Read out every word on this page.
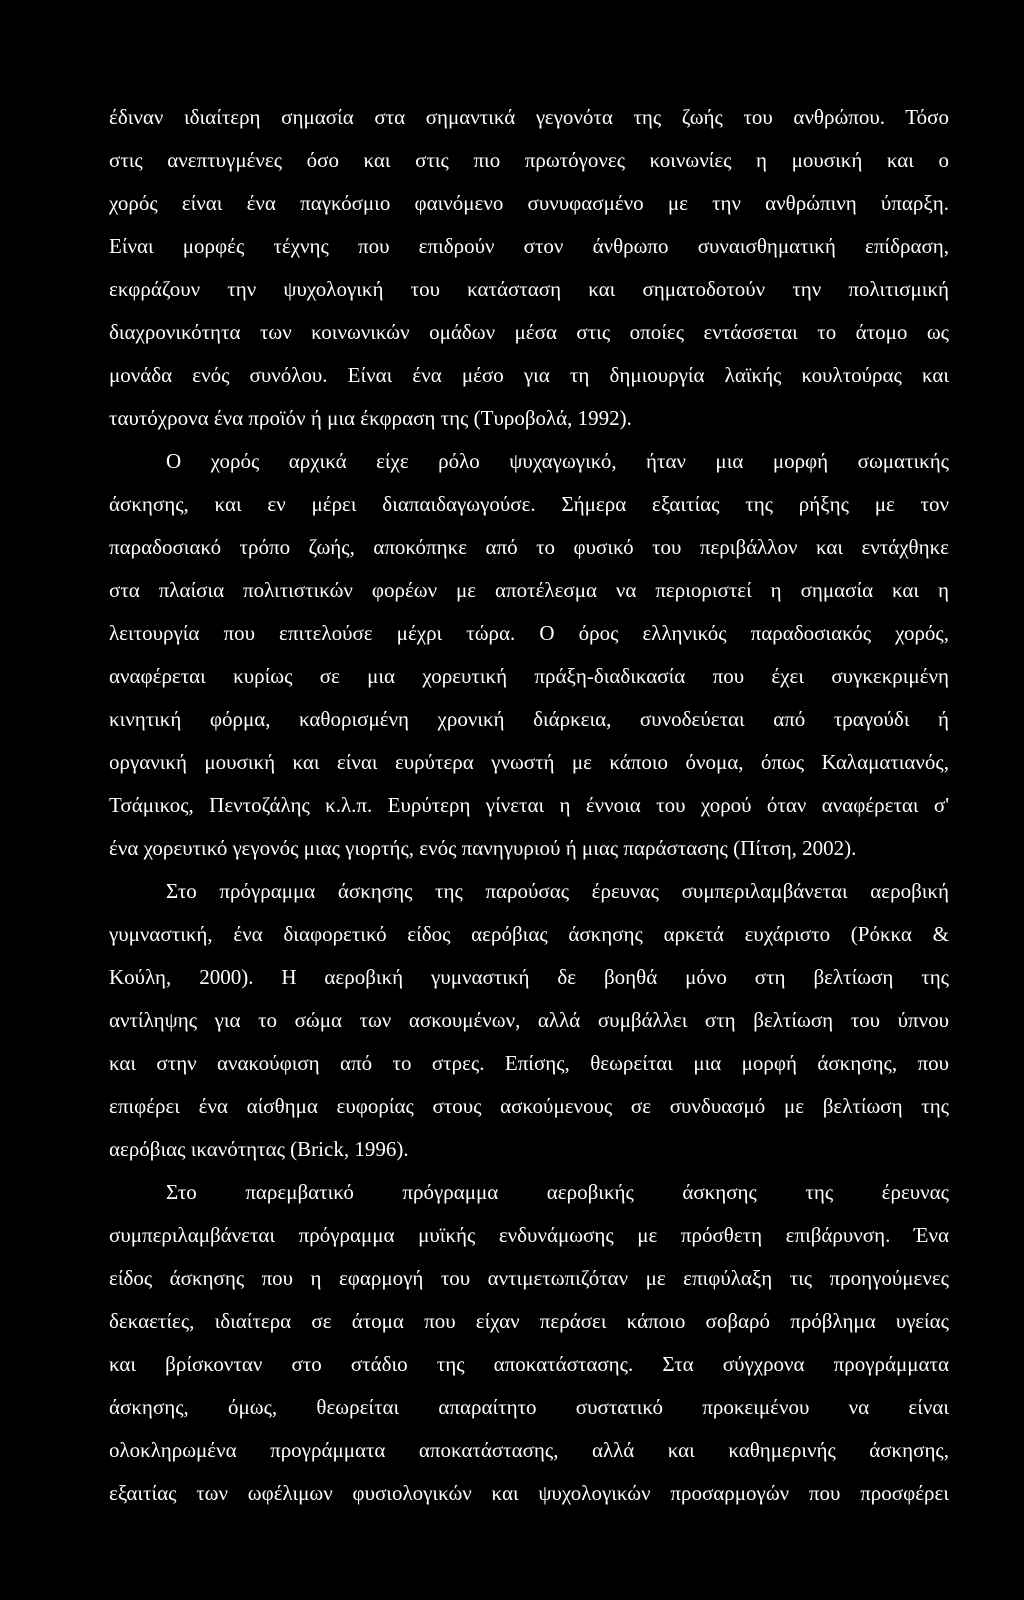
έδιναν ιδιαίτερη σημασία στα σημαντικά γεγονότα της ζωής του ανθρώπου. Τόσο
στις ανεπτυγμένες όσο και στις πιο πρωτόγονες κοινωνίες η μουσική και ο
χορός είναι ένα παγκόσμιο φαινόμενο συνυφασμένο με την ανθρώπινη ύπαρξη.
Είναι μορφές τέχνης που επιδρούν στον άνθρωπο συναισθηματική επίδραση,
εκφράζουν την ψυχολογική του κατάσταση και σηματοδοτούν την πολιτισμική
διαχρονικότητα των κοινωνικών ομάδων μέσα στις οποίες εντάσσεται το άτομο ως
μονάδα ενός συνόλου. Είναι ένα μέσο για τη δημιουργία λαϊκής κουλτούρας και
ταυτόχρονα ένα προϊόν ή μια έκφραση της (Τυροβολά, 1992).
Ο χορός αρχικά είχε ρόλο ψυχαγωγικό, ήταν μια μορφή σωματικής
άσκησης, και εν μέρει διαπαιδαγωγούσε. Σήμερα εξαιτίας της ρήξης με τον
παραδοσιακό τρόπο ζωής, αποκόπηκε από το φυσικό του περιβάλλον και εντάχθηκε
στα πλαίσια πολιτιστικών φορέων με αποτέλεσμα να περιοριστεί η σημασία και η
λειτουργία που επιτελούσε μέχρι τώρα. Ο όρος ελληνικός παραδοσιακός χορός,
αναφέρεται κυρίως σε μια χορευτική πράξη-διαδικασία που έχει συγκεκριμένη
κινητική φόρμα, καθορισμένη χρονική διάρκεια, συνοδεύεται από τραγούδι ή
οργανική μουσική και είναι ευρύτερα γνωστή με κάποιο όνομα, όπως Καλαματιανός,
Τσάμικος, Πεντοζάλης κ.λ.π. Ευρύτερη γίνεται η έννοια του χορού όταν αναφέρεται σ'
ένα χορευτικό γεγονός μιας γιορτής, ενός πανηγυριού ή μιας παράστασης (Πίτση, 2002).
Στο πρόγραμμα άσκησης της παρούσας έρευνας συμπεριλαμβάνεται αεροβική
γυμναστική, ένα διαφορετικό είδος αερόβιας άσκησης αρκετά ευχάριστο (Ρόκκα &
Κούλη, 2000). Η αεροβική γυμναστική δε βοηθά μόνο στη βελτίωση της
αντίληψης για το σώμα των ασκουμένων, αλλά συμβάλλει στη βελτίωση του ύπνου
και στην ανακούφιση από το στρες. Επίσης, θεωρείται μια μορφή άσκησης, που
επιφέρει ένα αίσθημα ευφορίας στους ασκούμενους σε συνδυασμό με βελτίωση της
αερόβιας ικανότητας (Brick, 1996).
Στο παρεμβατικό πρόγραμμα αεροβικής άσκησης της έρευνας
συμπεριλαμβάνεται πρόγραμμα μυϊκής ενδυνάμωσης με πρόσθετη επιβάρυνση. Ένα
είδος άσκησης που η εφαρμογή του αντιμετωπιζόταν με επιφύλαξη τις προηγούμενες
δεκαετίες, ιδιαίτερα σε άτομα που είχαν περάσει κάποιο σοβαρό πρόβλημα υγείας
και βρίσκονταν στο στάδιο της αποκατάστασης. Στα σύγχρονα προγράμματα
άσκησης, όμως, θεωρείται απαραίτητο συστατικό προκειμένου να είναι
ολοκληρωμένα προγράμματα αποκατάστασης, αλλά και καθημερινής άσκησης,
εξαιτίας των ωφέλιμων φυσιολογικών και ψυχολογικών προσαρμογών που προσφέρει
